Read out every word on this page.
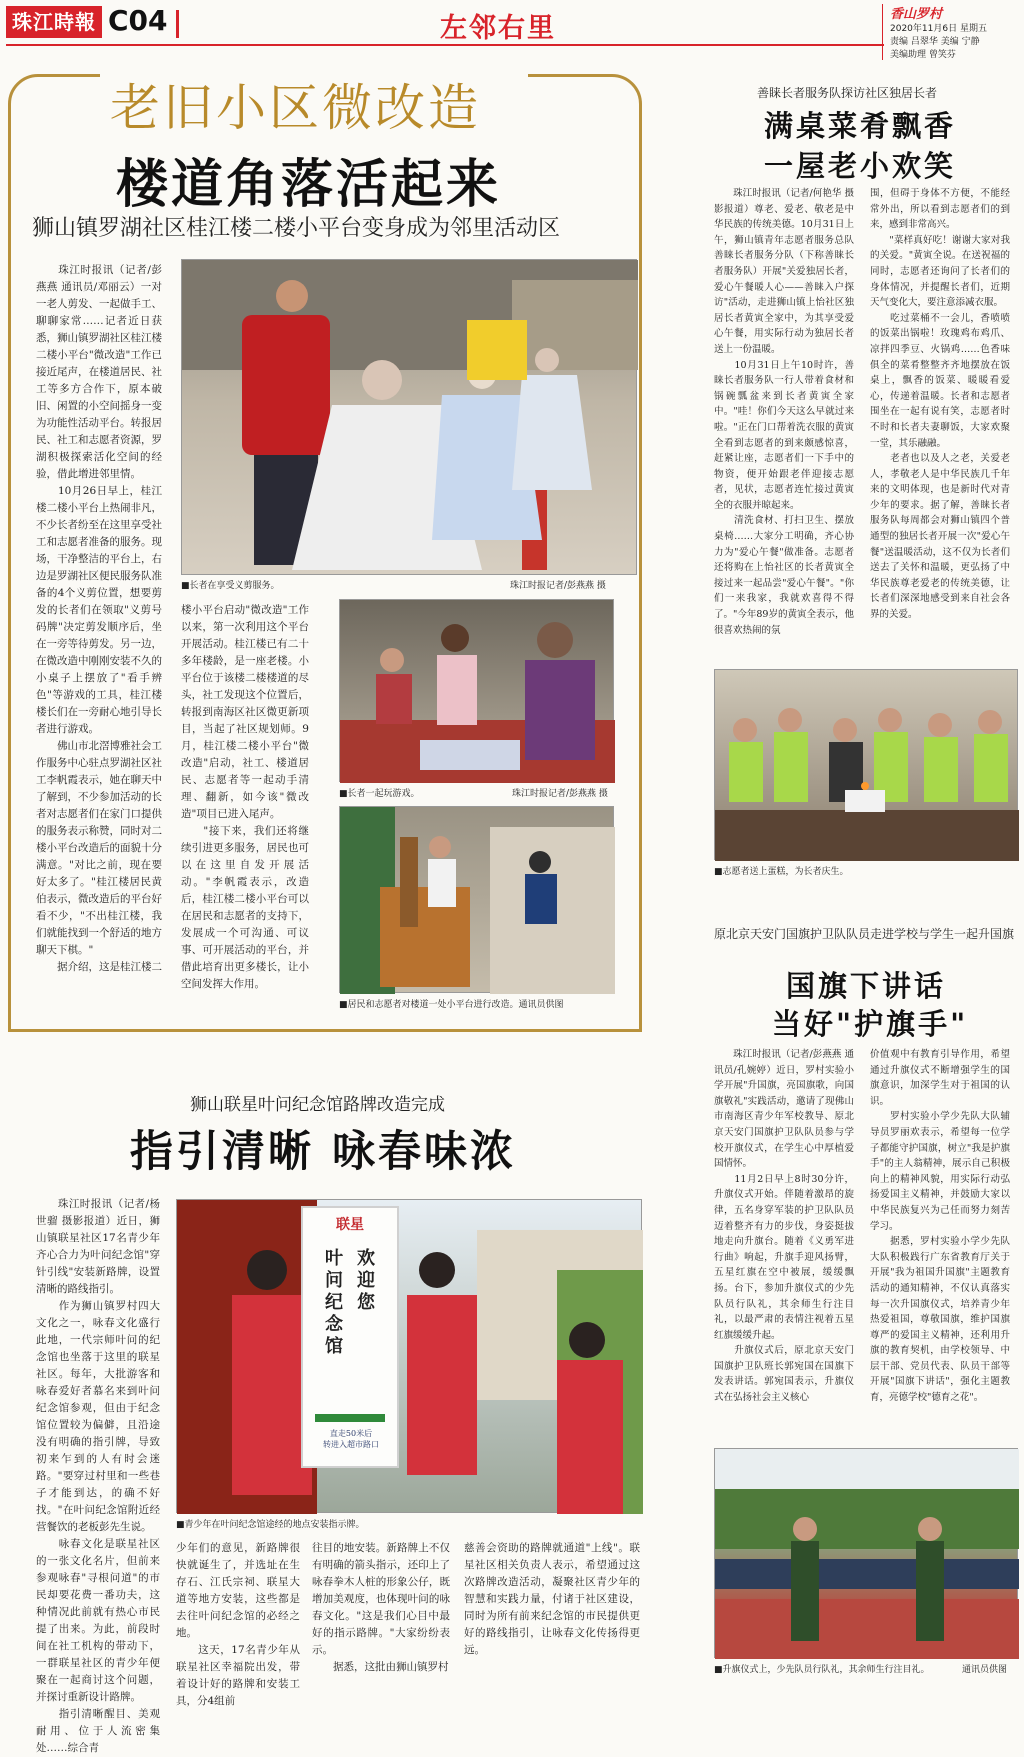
珠江時報 C04	左邻右里	香山罗村
2020年11月6日 星期五
责编 吕翠华 美编 宁静
美编助理 曾笑芬
老旧小区微改造
楼道角落活起来
狮山镇罗湖社区桂江楼二楼小平台变身成为邻里活动区
　　珠江时报讯（记者/彭燕燕 通讯员/邓丽云）一对一老人剪发、一起做手工、聊聊家常……记者近日获悉，狮山镇罗湖社区桂江楼二楼小平台"微改造"工作已接近尾声，在楼道居民、社工等多方合作下，原本破旧、闲置的小空间摇身一变为功能性活动平台。转报居民、社工和志愿者资源，罗湖积极探索活化空间的经验，借此增进邻里情。
　　10月26日早上，桂江楼二楼小平台上热闹非凡，不少长者纷至在这里享受社工和志愿者准备的服务。现场，干净整洁的平台上，右边是罗湖社区便民服务队准备的4个义剪位置，想要剪发的长者们在领取"义剪号码牌"决定剪发顺序后，坐在一旁等待剪发。另一边，在微改造中刚刚安装不久的小桌子上摆放了"看手辨色"等游戏的工具，桂江楼楼长们在一旁耐心地引导长者进行游戏。
　　佛山市北滘博雅社会工作服务中心驻点罗湖社区社工李帆霞表示，她在聊天中了解到，不少参加活动的长者对志愿者们在家门口提供的服务表示称赞，同时对二楼小平台改造后的面貌十分满意。"对比之前，现在要好太多了。"桂江楼居民黄伯表示，微改造后的平台好看不少，"不出桂江楼，我们就能找到一个舒适的地方聊天下棋。"
　　据介绍，这是桂江楼二
■长者在享受义剪服务。	珠江时报记者/彭燕燕 摄
楼小平台启动"微改造"工作以来，第一次利用这个平台开展活动。桂江楼已有二十多年楼龄，是一座老楼。小平台位于该楼二楼楼道的尽头，社工发现这个位置后，转报到南海区社区微更新项目，当起了社区规划师。9月，桂江楼二楼小平台"微改造"启动，社工、楼道居民、志愿者等一起动手清理、翻新，如今该"微改造"项目已进入尾声。
　　"接下来，我们还将继续引进更多服务，居民也可以在这里自发开展活动。"李帆霞表示，改造后，桂江楼二楼小平台可以在居民和志愿者的支持下，发展成一个可沟通、可议事、可开展活动的平台，并借此培育出更多楼长，让小空间发挥大作用。
■长者一起玩游戏。	珠江时报记者/彭燕燕 摄
■居民和志愿者对楼道一处小平台进行改造。通讯员供图
善睐长者服务队探访社区独居长者
满桌菜肴飘香
一屋老小欢笑
　　珠江时报讯（记者/何艳华 摄影报道）尊老、爱老、敬老是中华民族的传统美德。10月31日上午，狮山镇青年志愿者服务总队善睐长者服务分队（下称善睐长者服务队）开展"关爱独居长者，爱心午餐暖人心——善睐入户探访"活动，走进狮山镇上怡社区独居长者黄寅全家中，为其享受爱心午餐，用实际行动为独居长者送上一份温暖。
　　10月31日上午10时许，善睐长者服务队一行人带着食材和锅碗瓢盆来到长者黄寅全家中。"哇！你们今天这么早就过来啦。"正在门口帮着洗衣服的黄寅全看到志愿者的到来颇感惊喜，赶紧让座，志愿者们一下手中的物资，便开始跟老伴迎接志愿者，见状，志愿者连忙接过黄寅全的衣服并晾起来。
　　清洗食材、打扫卫生、摆放桌椅……大家分工明确，齐心协力为"爱心午餐"做准备。志愿者还将购在上怡社区的长者黄寅全接过来一起品尝"爱心午餐"。"你们一来我家，我就欢喜得不得了。"今年89岁的黄寅全表示，他很喜欢热闹的氛
围，但碍于身体不方便，不能经常外出，所以看到志愿者们的到来，感到非常高兴。
　　"菜样真好吃！谢谢大家对我的关爱。"黄寅全说。在送祝福的同时，志愿者还询问了长者们的身体情况，并提醒长者们，近期天气变化大，要注意添减衣服。
　　吃过菜桶不一会儿，香喷喷的饭菜出锅啦！玫瑰鸡布鸡爪、凉拌四季豆、火锅鸡……色香味俱全的菜肴整整齐齐地摆放在饭桌上，飘香的饭菜、暖暖看爱心，传递着温暖。长者和志愿者围坐在一起有说有笑，志愿者时不时和长者夫妻聊饭，大家欢聚一堂，其乐融融。
　　老者也以及人之老，关爱老人，孝敬老人是中华民族几千年来的文明体现，也是新时代对青少年的要求。据了解，善睐长者服务队每周都会对狮山镇四个普通型的独居长者开展一次"爱心午餐"送温暖活动，这不仅为长者们送去了关怀和温暖，更弘扬了中华民族尊老爱老的传统美德，让长者们深深地感受到来自社会各界的关爱。
■志愿者送上蛋糕，为长者庆生。
原北京天安门国旗护卫队队员走进学校与学生一起升国旗
国旗下讲话
当好"护旗手"
　　珠江时报讯（记者/彭燕燕 通讯员/孔婉婷）近日，罗村实验小学开展"升国旗，亮国旗歌，向国旗敬礼"实践活动，邀请了现佛山市南海区青少年军校教导、原北京天安门国旗护卫队队员参与学校开旗仪式，在学生心中厚植爱国情怀。
　　11月2日早上8时30分许，升旗仪式开始。伴随着激昂的旋律，五名身穿军装的护卫队队员迈着整齐有力的步伐，身姿挺拔地走向升旗台。随着《义勇军进行曲》响起，升旗手迎风扬臂，五星红旗在空中被展，缓缓飘扬。台下，参加升旗仪式的少先队员行队礼，其余师生行注目礼，以最严肃的表情注视着五星红旗缓缓升起。
　　升旗仪式后，原北京天安门国旗护卫队班长郭宛国在国旗下发表讲话。郭宛国表示，升旗仪式在弘扬社会主义核心
价值观中有教育引导作用，希望通过升旗仪式不断增强学生的国旗意识，加深学生对于祖国的认识。
　　罗村实验小学少先队大队辅导员罗丽欢表示，希望每一位学子都能守护国旗，树立"我是护旗手"的主人翁精神，展示自己积极向上的精神风貌，用实际行动弘扬爱国主义精神，并鼓励大家以中华民族复兴为己任而努力刻苦学习。
　　据悉，罗村实验小学少先队大队积极践行广东省教育厅关于开展"我为祖国升国旗"主题教育活动的通知精神，不仅认真落实每一次升国旗仪式，培养青少年热爱祖国，尊敬国旗，维护国旗尊严的爱国主义精神，还利用升旗的教育契机，由学校领导、中层干部、党员代表、队员干部等开展"国旗下讲话"，强化主题教育，亮德学校"德育之花"。
■升旗仪式上，少先队员行队礼，其余师生行注目礼。	通讯员供图
狮山联星叶问纪念馆路牌改造完成
指引清晰 咏春味浓
　　珠江时报讯（记者/杨世骝 摄影报道）近日，狮山镇联星社区17名青少年齐心合力为叶问纪念馆"穿针引线"安装新路牌，设置清晰的路线指引。
　　作为狮山镇罗村四大文化之一，咏春文化盛行此地，一代宗师叶问的纪念馆也坐落于这里的联星社区。每年，大批游客和咏春爱好者慕名来到叶问纪念馆参观，但由于纪念馆位置较为偏僻，且沿途没有明确的指引牌，导致初来乍到的人有时会迷路。"要穿过村里和一些巷子才能到达，的确不好找。"在叶问纪念馆附近经营餐饮的老板彭先生说。
　　咏春文化是联星社区的一张文化名片，但前来参观咏春"寻根问道"的市民却要花费一番功夫，这种情况此前就有热心市民提了出来。为此，前段时间在社工机构的带动下，一群联星社区的青少年便聚在一起商讨这个问题，并探讨重新设计路牌。
　　指引清晰醒目、美观耐用、位于人流密集处……综合青
联星
欢迎您
叶问纪念馆
直走50米后
转进入超市路口
■青少年在叶问纪念馆途经的地点安装指示牌。
少年们的意见，新路牌很快就诞生了，并选址在生存石、江氏宗祠、联星大道等地方安装，这些都是去往叶问纪念馆的必经之地。
　　这天，17名青少年从联星社区幸福院出发，带着设计好的路牌和安装工具，分4组前
往目的地安装。新路牌上不仅有明确的箭头指示，还印上了咏春拳木人桩的形象公仔，既增加美观度，也体现叶问的咏春文化。"这是我们心目中最好的指示路牌。"大家纷纷表示。
　　据悉，这批由狮山镇罗村
慈善会资助的路牌就通道"上线"。联星社区相关负责人表示，希望通过这次路牌改造活动，凝聚社区青少年的智慧和实践力量，付诸于社区建设，同时为所有前来纪念馆的市民提供更好的路线指引，让咏春文化传扬得更远。
